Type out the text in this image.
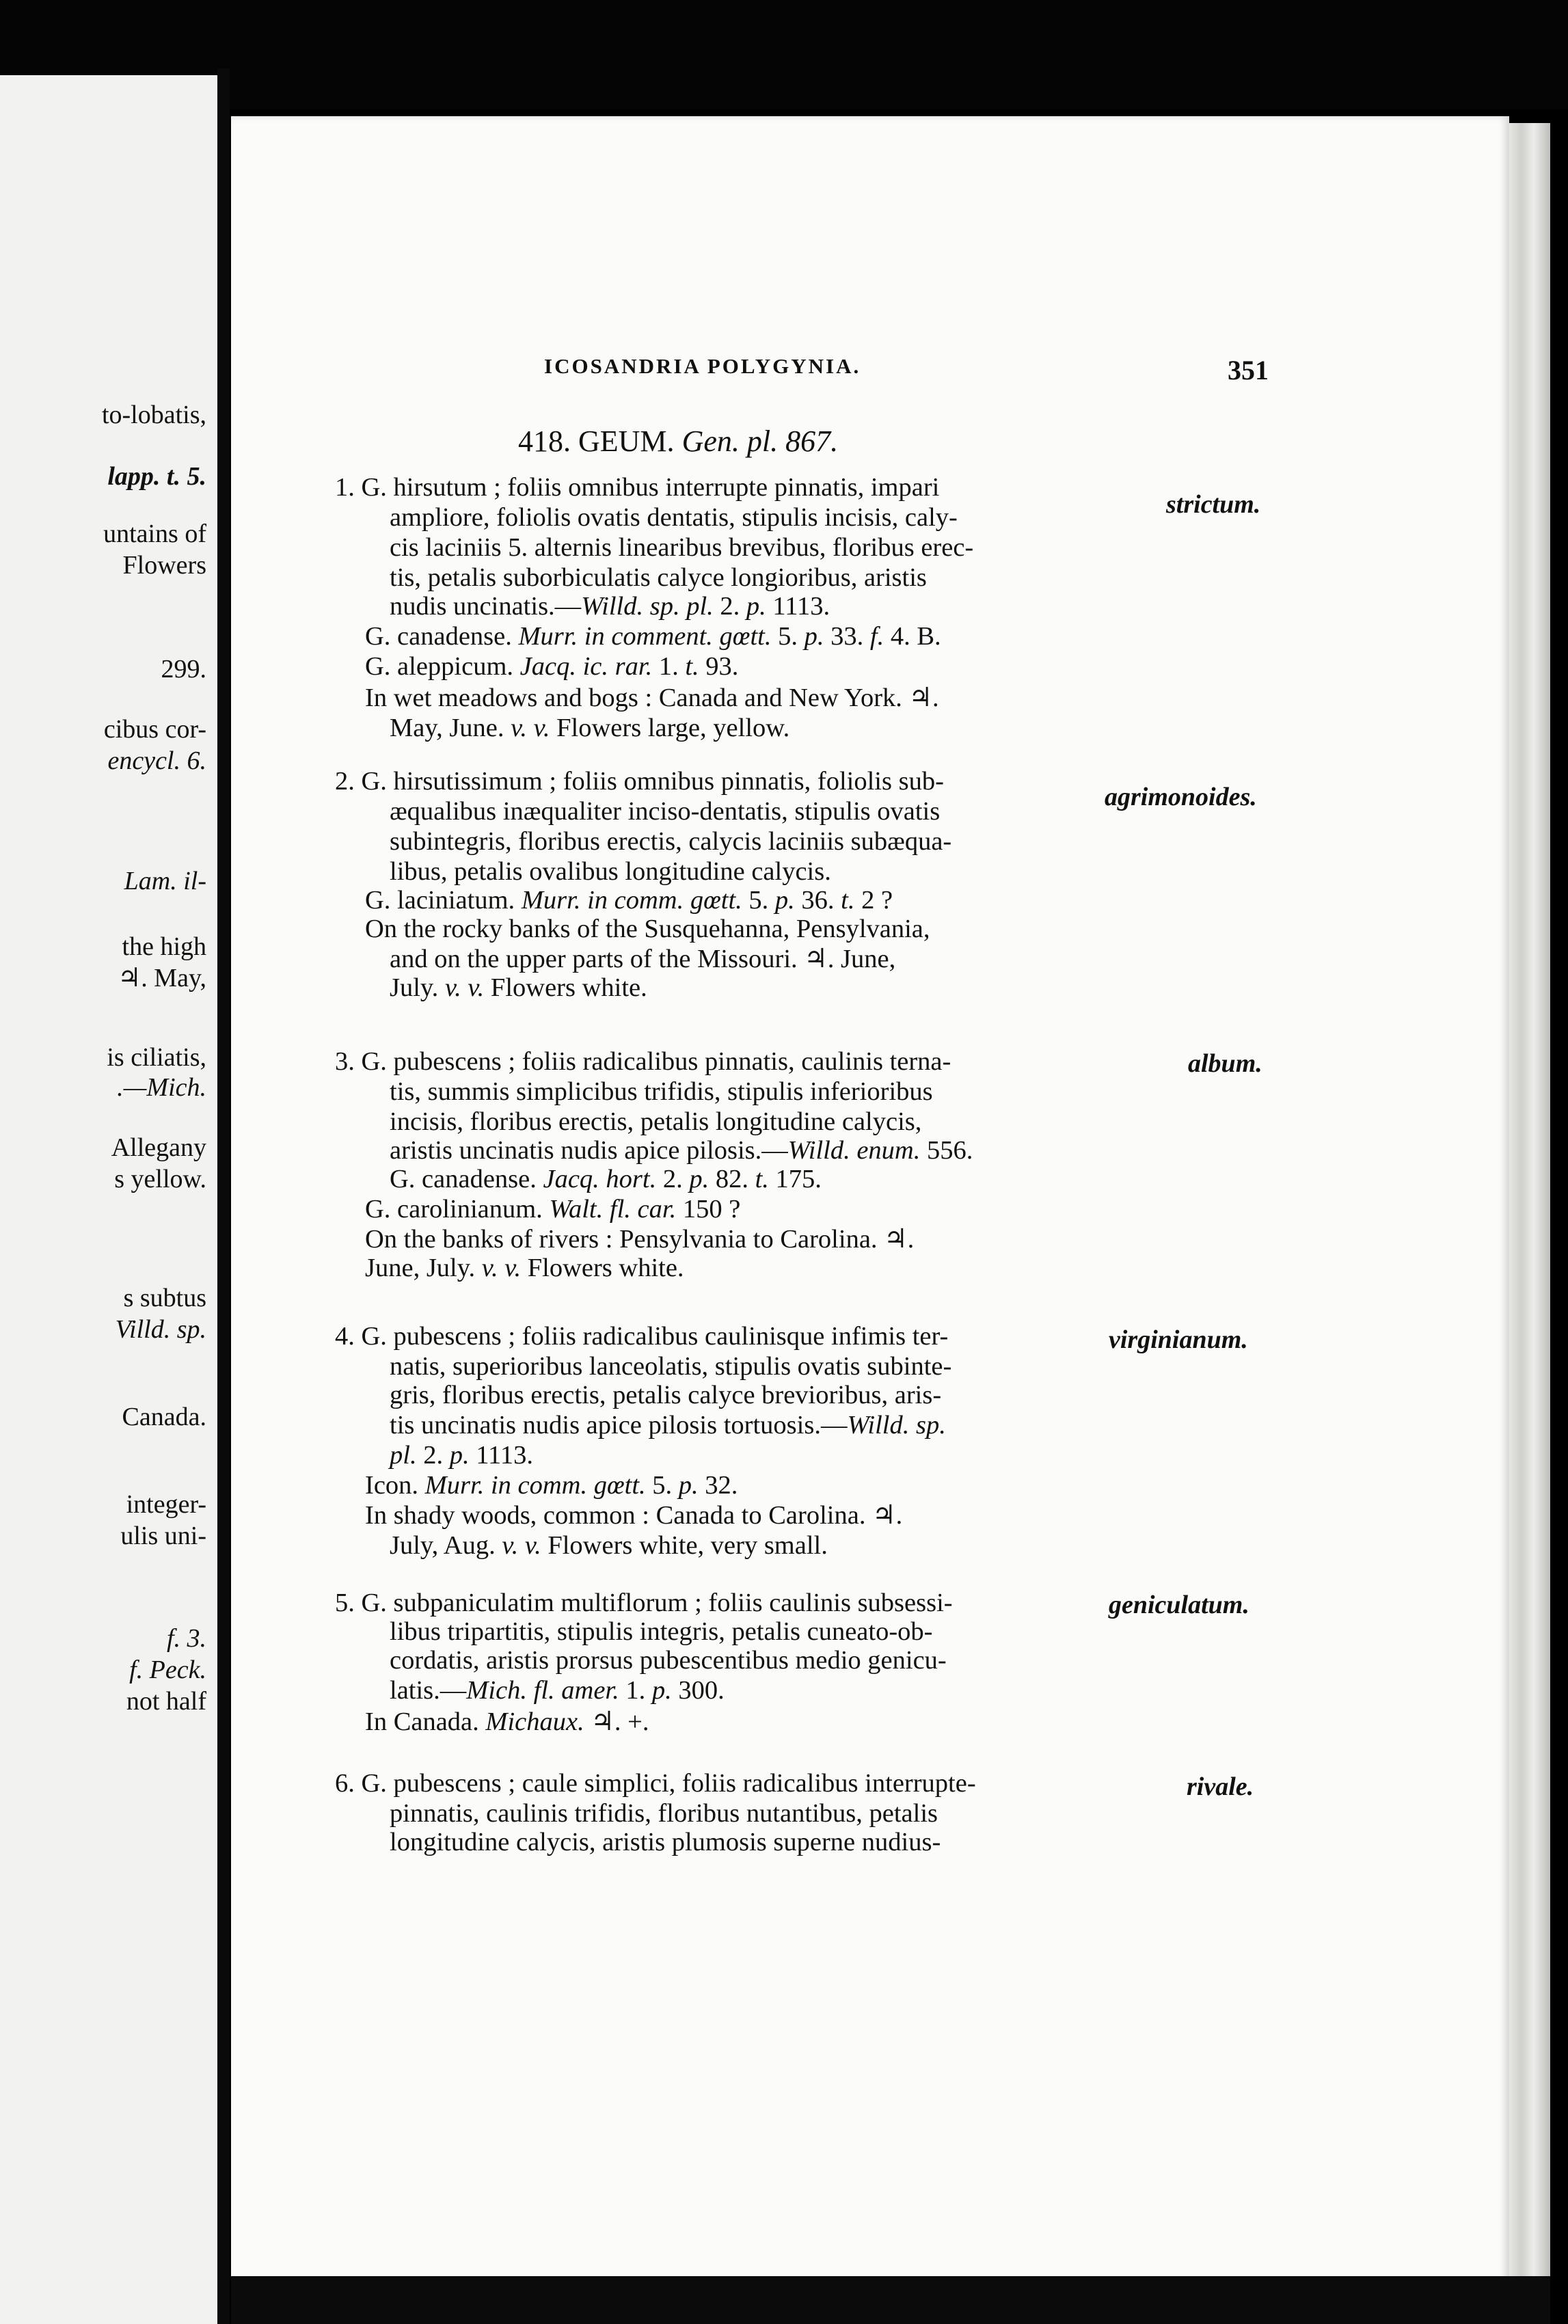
to-lobatis,
lapp. t. 5.
untains of
Flowers
299.
cibus cor-
encycl. 6.
Lam. il-
the high
♃. May,
is ciliatis,
.—Mich.
Allegany
s yellow.
s subtus
Villd. sp.
Canada.
integer-
ulis uni-
f. 3.
f. Peck.
not half
ICOSANDRIA POLYGYNIA.	351
418. GEUM. Gen. pl. 867.
strictum.
agrimonoides.
album.
virginianum.
geniculatum.
rivale.
1. G. hirsutum ; foliis omnibus interrupte pinnatis, impari
ampliore, foliolis ovatis dentatis, stipulis incisis, caly-
cis laciniis 5. alternis linearibus brevibus, floribus erec-
tis, petalis suborbiculatis calyce longioribus, aristis
nudis uncinatis.—Willd. sp. pl. 2. p. 1113.
G. canadense. Murr. in comment. gœtt. 5. p. 33. f. 4. B.
G. aleppicum. Jacq. ic. rar. 1. t. 93.
In wet meadows and bogs : Canada and New York. ♃.
May, June. v. v. Flowers large, yellow.
2. G. hirsutissimum ; foliis omnibus pinnatis, foliolis sub-
æqualibus inæqualiter inciso-dentatis, stipulis ovatis
subintegris, floribus erectis, calycis laciniis subæqua-
libus, petalis ovalibus longitudine calycis.
G. laciniatum. Murr. in comm. gœtt. 5. p. 36. t. 2 ?
On the rocky banks of the Susquehanna, Pensylvania,
and on the upper parts of the Missouri. ♃. June,
July. v. v. Flowers white.
3. G. pubescens ; foliis radicalibus pinnatis, caulinis terna-
tis, summis simplicibus trifidis, stipulis inferioribus
incisis, floribus erectis, petalis longitudine calycis,
aristis uncinatis nudis apice pilosis.—Willd. enum. 556.
G. canadense. Jacq. hort. 2. p. 82. t. 175.
G. carolinianum. Walt. fl. car. 150 ?
On the banks of rivers : Pensylvania to Carolina. ♃.
June, July. v. v. Flowers white.
4. G. pubescens ; foliis radicalibus caulinisque infimis ter-
natis, superioribus lanceolatis, stipulis ovatis subinte-
gris, floribus erectis, petalis calyce brevioribus, aris-
tis uncinatis nudis apice pilosis tortuosis.—Willd. sp.
pl. 2. p. 1113.
Icon. Murr. in comm. gœtt. 5. p. 32.
In shady woods, common : Canada to Carolina. ♃.
July, Aug. v. v. Flowers white, very small.
5. G. subpaniculatim multiflorum ; foliis caulinis subsessi-
libus tripartitis, stipulis integris, petalis cuneato-ob-
cordatis, aristis prorsus pubescentibus medio genicu-
latis.—Mich. fl. amer. 1. p. 300.
In Canada. Michaux. ♃. +.
6. G. pubescens ; caule simplici, foliis radicalibus interrupte-
pinnatis, caulinis trifidis, floribus nutantibus, petalis
longitudine calycis, aristis plumosis superne nudius-
